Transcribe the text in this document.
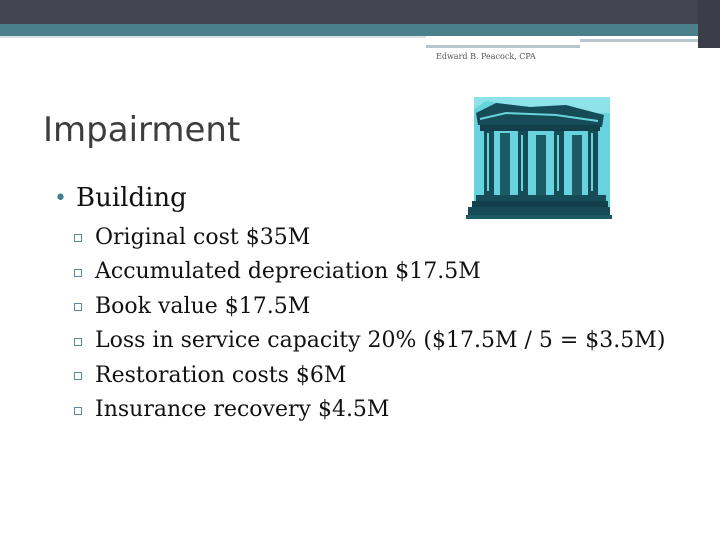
Edward B. Peacock, CPA
Impairment
• Building
Original cost $35M
Accumulated depreciation $17.5M
Book value $17.5M
Loss in service capacity 20% ($17.5M / 5 = $3.5M)
Restoration costs $6M
Insurance recovery $4.5M
